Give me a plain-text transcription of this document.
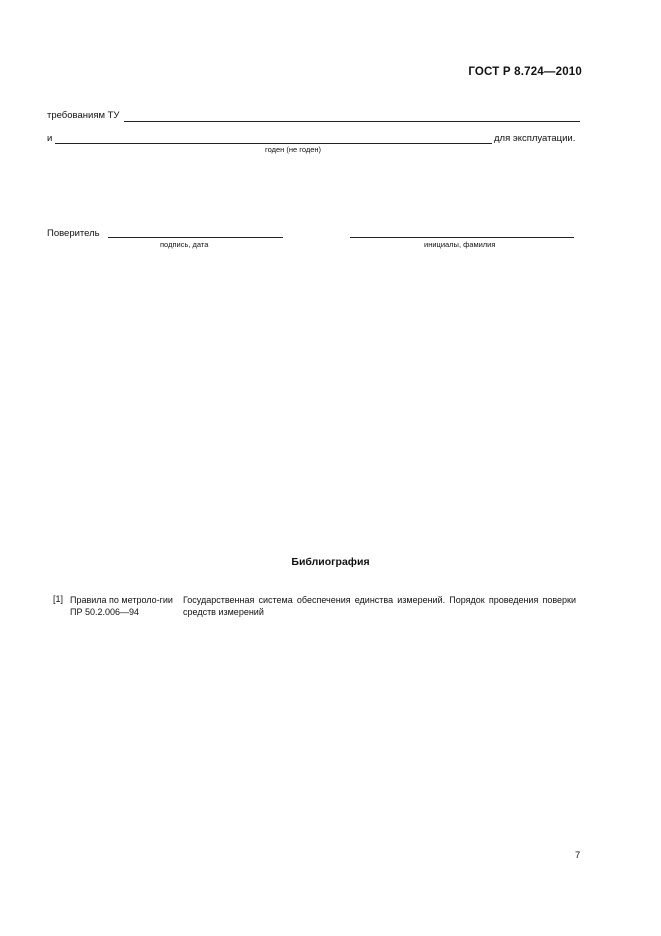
ГОСТ Р 8.724—2010
требованиям ТУ
и	для эксплуатации.
годен (не годен)
Поверитель
подпись, дата	инициалы, фамилия
Библиография
[1] Правила по метроло-гии ПР 50.2.006—94
Государственная система обеспечения единства измерений. Порядок проведения поверки средств измерений
7
